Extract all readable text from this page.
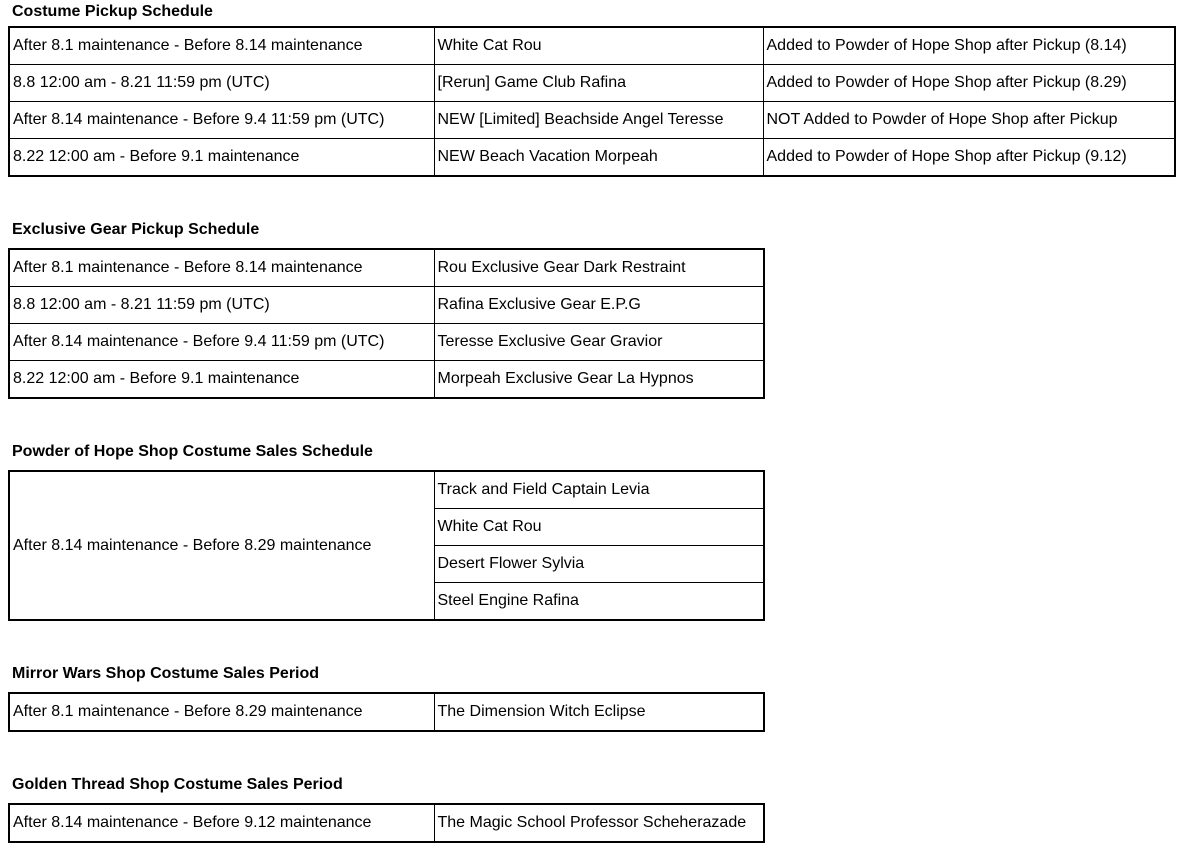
Costume Pickup Schedule
After 8.1 maintenance - Before 8.14 maintenance	White Cat Rou	Added to Powder of Hope Shop after Pickup (8.14)
8.8 12:00 am - 8.21 11:59 pm (UTC)	[Rerun] Game Club Rafina	Added to Powder of Hope Shop after Pickup (8.29)
After 8.14 maintenance - Before 9.4 11:59 pm (UTC)	NEW [Limited] Beachside Angel Teresse	NOT Added to Powder of Hope Shop after Pickup
8.22 12:00 am - Before 9.1 maintenance	NEW Beach Vacation Morpeah	Added to Powder of Hope Shop after Pickup (9.12)
Exclusive Gear Pickup Schedule
After 8.1 maintenance - Before 8.14 maintenance	Rou Exclusive Gear Dark Restraint
8.8 12:00 am - 8.21 11:59 pm (UTC)	Rafina Exclusive Gear E.P.G
After 8.14 maintenance - Before 9.4 11:59 pm (UTC)	Teresse Exclusive Gear Gravior
8.22 12:00 am - Before 9.1 maintenance	Morpeah Exclusive Gear La Hypnos
Powder of Hope Shop Costume Sales Schedule
After 8.14 maintenance - Before 8.29 maintenance	Track and Field Captain Levia
White Cat Rou
Desert Flower Sylvia
Steel Engine Rafina
Mirror Wars Shop Costume Sales Period
After 8.1 maintenance - Before 8.29 maintenance	The Dimension Witch Eclipse
Golden Thread Shop Costume Sales Period
After 8.14 maintenance - Before 9.12 maintenance	The Magic School Professor Scheherazade
